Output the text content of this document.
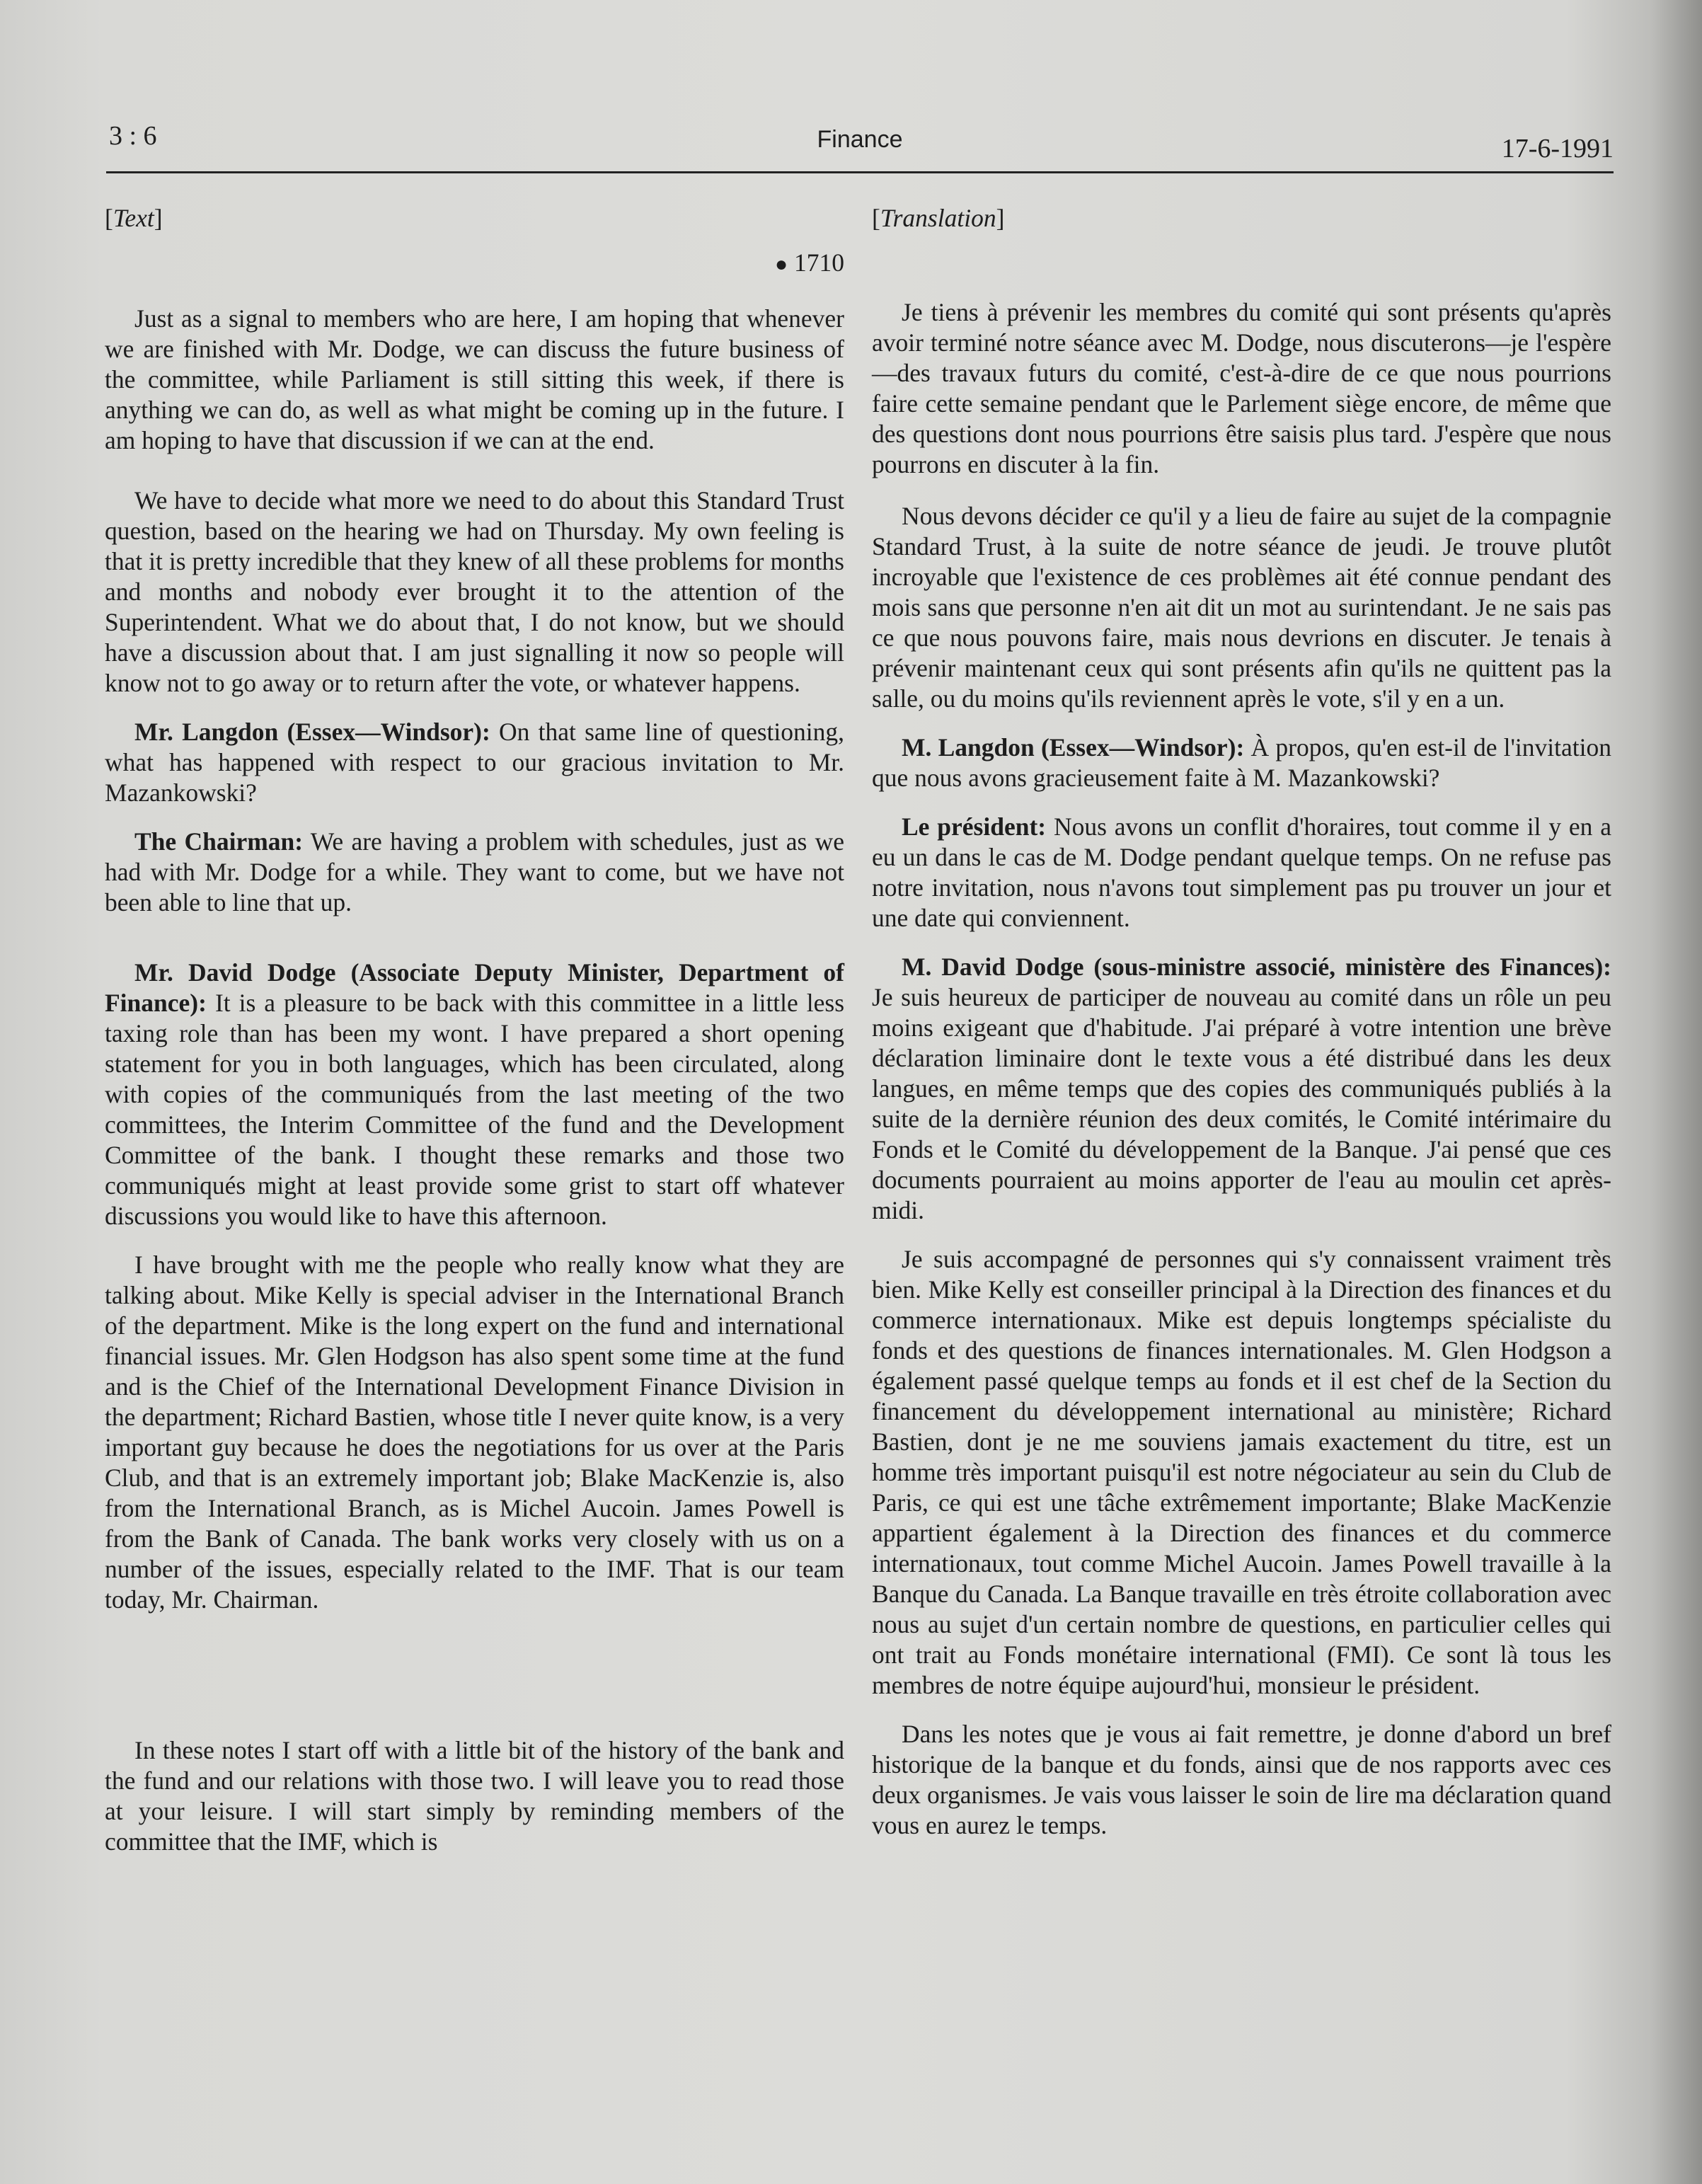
3 : 6	Finance	17-6-1991
[Text]
● 1710

Just as a signal to members who are here, I am hoping that whenever we are finished with Mr. Dodge, we can discuss the future business of the committee, while Parliament is still sitting this week, if there is anything we can do, as well as what might be coming up in the future. I am hoping to have that discussion if we can at the end.

We have to decide what more we need to do about this Standard Trust question, based on the hearing we had on Thursday. My own feeling is that it is pretty incredible that they knew of all these problems for months and months and nobody ever brought it to the attention of the Superintendent. What we do about that, I do not know, but we should have a discussion about that. I am just signalling it now so people will know not to go away or to return after the vote, or whatever happens.

Mr. Langdon (Essex—Windsor): On that same line of questioning, what has happened with respect to our gracious invitation to Mr. Mazankowski?

The Chairman: We are having a problem with schedules, just as we had with Mr. Dodge for a while. They want to come, but we have not been able to line that up.

Mr. David Dodge (Associate Deputy Minister, Department of Finance): It is a pleasure to be back with this committee in a little less taxing role than has been my wont. I have prepared a short opening statement for you in both languages, which has been circulated, along with copies of the communiqués from the last meeting of the two committees, the Interim Committee of the fund and the Development Committee of the bank. I thought these remarks and those two communiqués might at least provide some grist to start off whatever discussions you would like to have this afternoon.

I have brought with me the people who really know what they are talking about. Mike Kelly is special adviser in the International Branch of the department. Mike is the long expert on the fund and international financial issues. Mr. Glen Hodgson has also spent some time at the fund and is the Chief of the International Development Finance Division in the department; Richard Bastien, whose title I never quite know, is a very important guy because he does the negotiations for us over at the Paris Club, and that is an extremely important job; Blake MacKenzie is, also from the International Branch, as is Michel Aucoin. James Powell is from the Bank of Canada. The bank works very closely with us on a number of the issues, especially related to the IMF. That is our team today, Mr. Chairman.

In these notes I start off with a little bit of the history of the bank and the fund and our relations with those two. I will leave you to read those at your leisure. I will start simply by reminding members of the committee that the IMF, which is

[Translation]

Je tiens à prévenir les membres du comité qui sont présents qu'après avoir terminé notre séance avec M. Dodge, nous discuterons—je l'espère—des travaux futurs du comité, c'est-à-dire de ce que nous pourrions faire cette semaine pendant que le Parlement siège encore, de même que des questions dont nous pourrions être saisis plus tard. J'espère que nous pourrons en discuter à la fin.

Nous devons décider ce qu'il y a lieu de faire au sujet de la compagnie Standard Trust, à la suite de notre séance de jeudi. Je trouve plutôt incroyable que l'existence de ces problèmes ait été connue pendant des mois sans que personne n'en ait dit un mot au surintendant. Je ne sais pas ce que nous pouvons faire, mais nous devrions en discuter. Je tenais à prévenir maintenant ceux qui sont présents afin qu'ils ne quittent pas la salle, ou du moins qu'ils reviennent après le vote, s'il y en a un.

M. Langdon (Essex—Windsor): À propos, qu'en est-il de l'invitation que nous avons gracieusement faite à M. Mazankowski?

Le président: Nous avons un conflit d'horaires, tout comme il y en a eu un dans le cas de M. Dodge pendant quelque temps. On ne refuse pas notre invitation, nous n'avons tout simplement pas pu trouver un jour et une date qui conviennent.

M. David Dodge (sous-ministre associé, ministère des Finances): Je suis heureux de participer de nouveau au comité dans un rôle un peu moins exigeant que d'habitude. J'ai préparé à votre intention une brève déclaration liminaire dont le texte vous a été distribué dans les deux langues, en même temps que des copies des communiqués publiés à la suite de la dernière réunion des deux comités, le Comité intérimaire du Fonds et le Comité du développement de la Banque. J'ai pensé que ces documents pourraient au moins apporter de l'eau au moulin cet après-midi.

Je suis accompagné de personnes qui s'y connaissent vraiment très bien. Mike Kelly est conseiller principal à la Direction des finances et du commerce internationaux. Mike est depuis longtemps spécialiste du fonds et des questions de finances internationales. M. Glen Hodgson a également passé quelque temps au fonds et il est chef de la Section du financement du développement international au ministère; Richard Bastien, dont je ne me souviens jamais exactement du titre, est un homme très important puisqu'il est notre négociateur au sein du Club de Paris, ce qui est une tâche extrêmement importante; Blake MacKenzie appartient également à la Direction des finances et du commerce internationaux, tout comme Michel Aucoin. James Powell travaille à la Banque du Canada. La Banque travaille en très étroite collaboration avec nous au sujet d'un certain nombre de questions, en particulier celles qui ont trait au Fonds monétaire international (FMI). Ce sont là tous les membres de notre équipe aujourd'hui, monsieur le président.

Dans les notes que je vous ai fait remettre, je donne d'abord un bref historique de la banque et du fonds, ainsi que de nos rapports avec ces deux organismes. Je vais vous laisser le soin de lire ma déclaration quand vous en aurez le temps.
